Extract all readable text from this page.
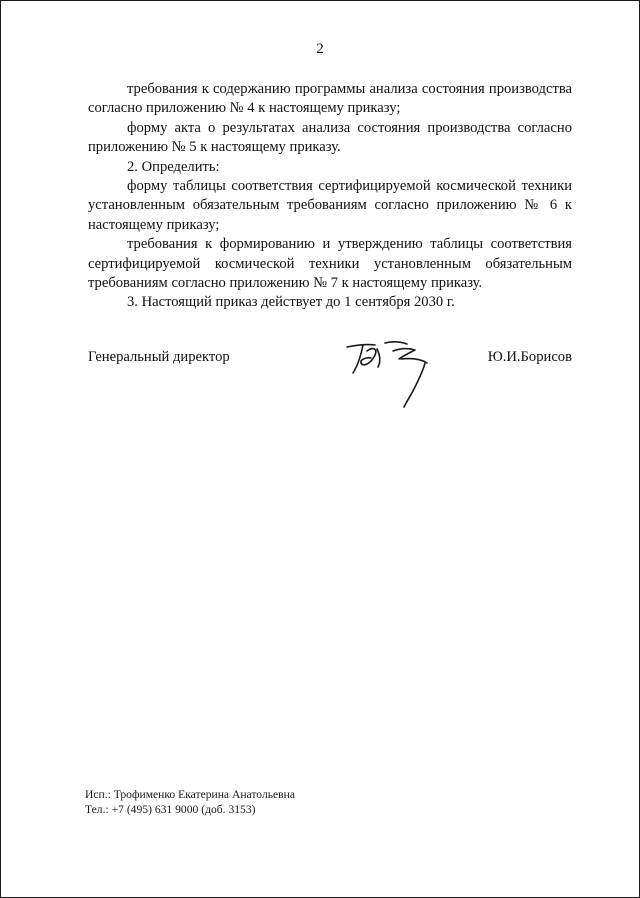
2

требования к содержанию программы анализа состояния производства согласно приложению № 4 к настоящему приказу;

форму акта о результатах анализа состояния производства согласно приложению № 5 к настоящему приказу.

2. Определить:

форму таблицы соответствия сертифицируемой космической техники установленным обязательным требованиям согласно приложению № 6 к настоящему приказу;

требования к формированию и утверждению таблицы соответствия сертифицируемой космической техники установленным обязательным требованиям согласно приложению № 7 к настоящему приказу.

3. Настоящий приказ действует до 1 сентября 2030 г.

Генеральный директор	Ю.И.Борисов
Исп.: Трофименко Екатерина Анатольевна
Тел.: +7 (495) 631 9000 (доб. 3153)
